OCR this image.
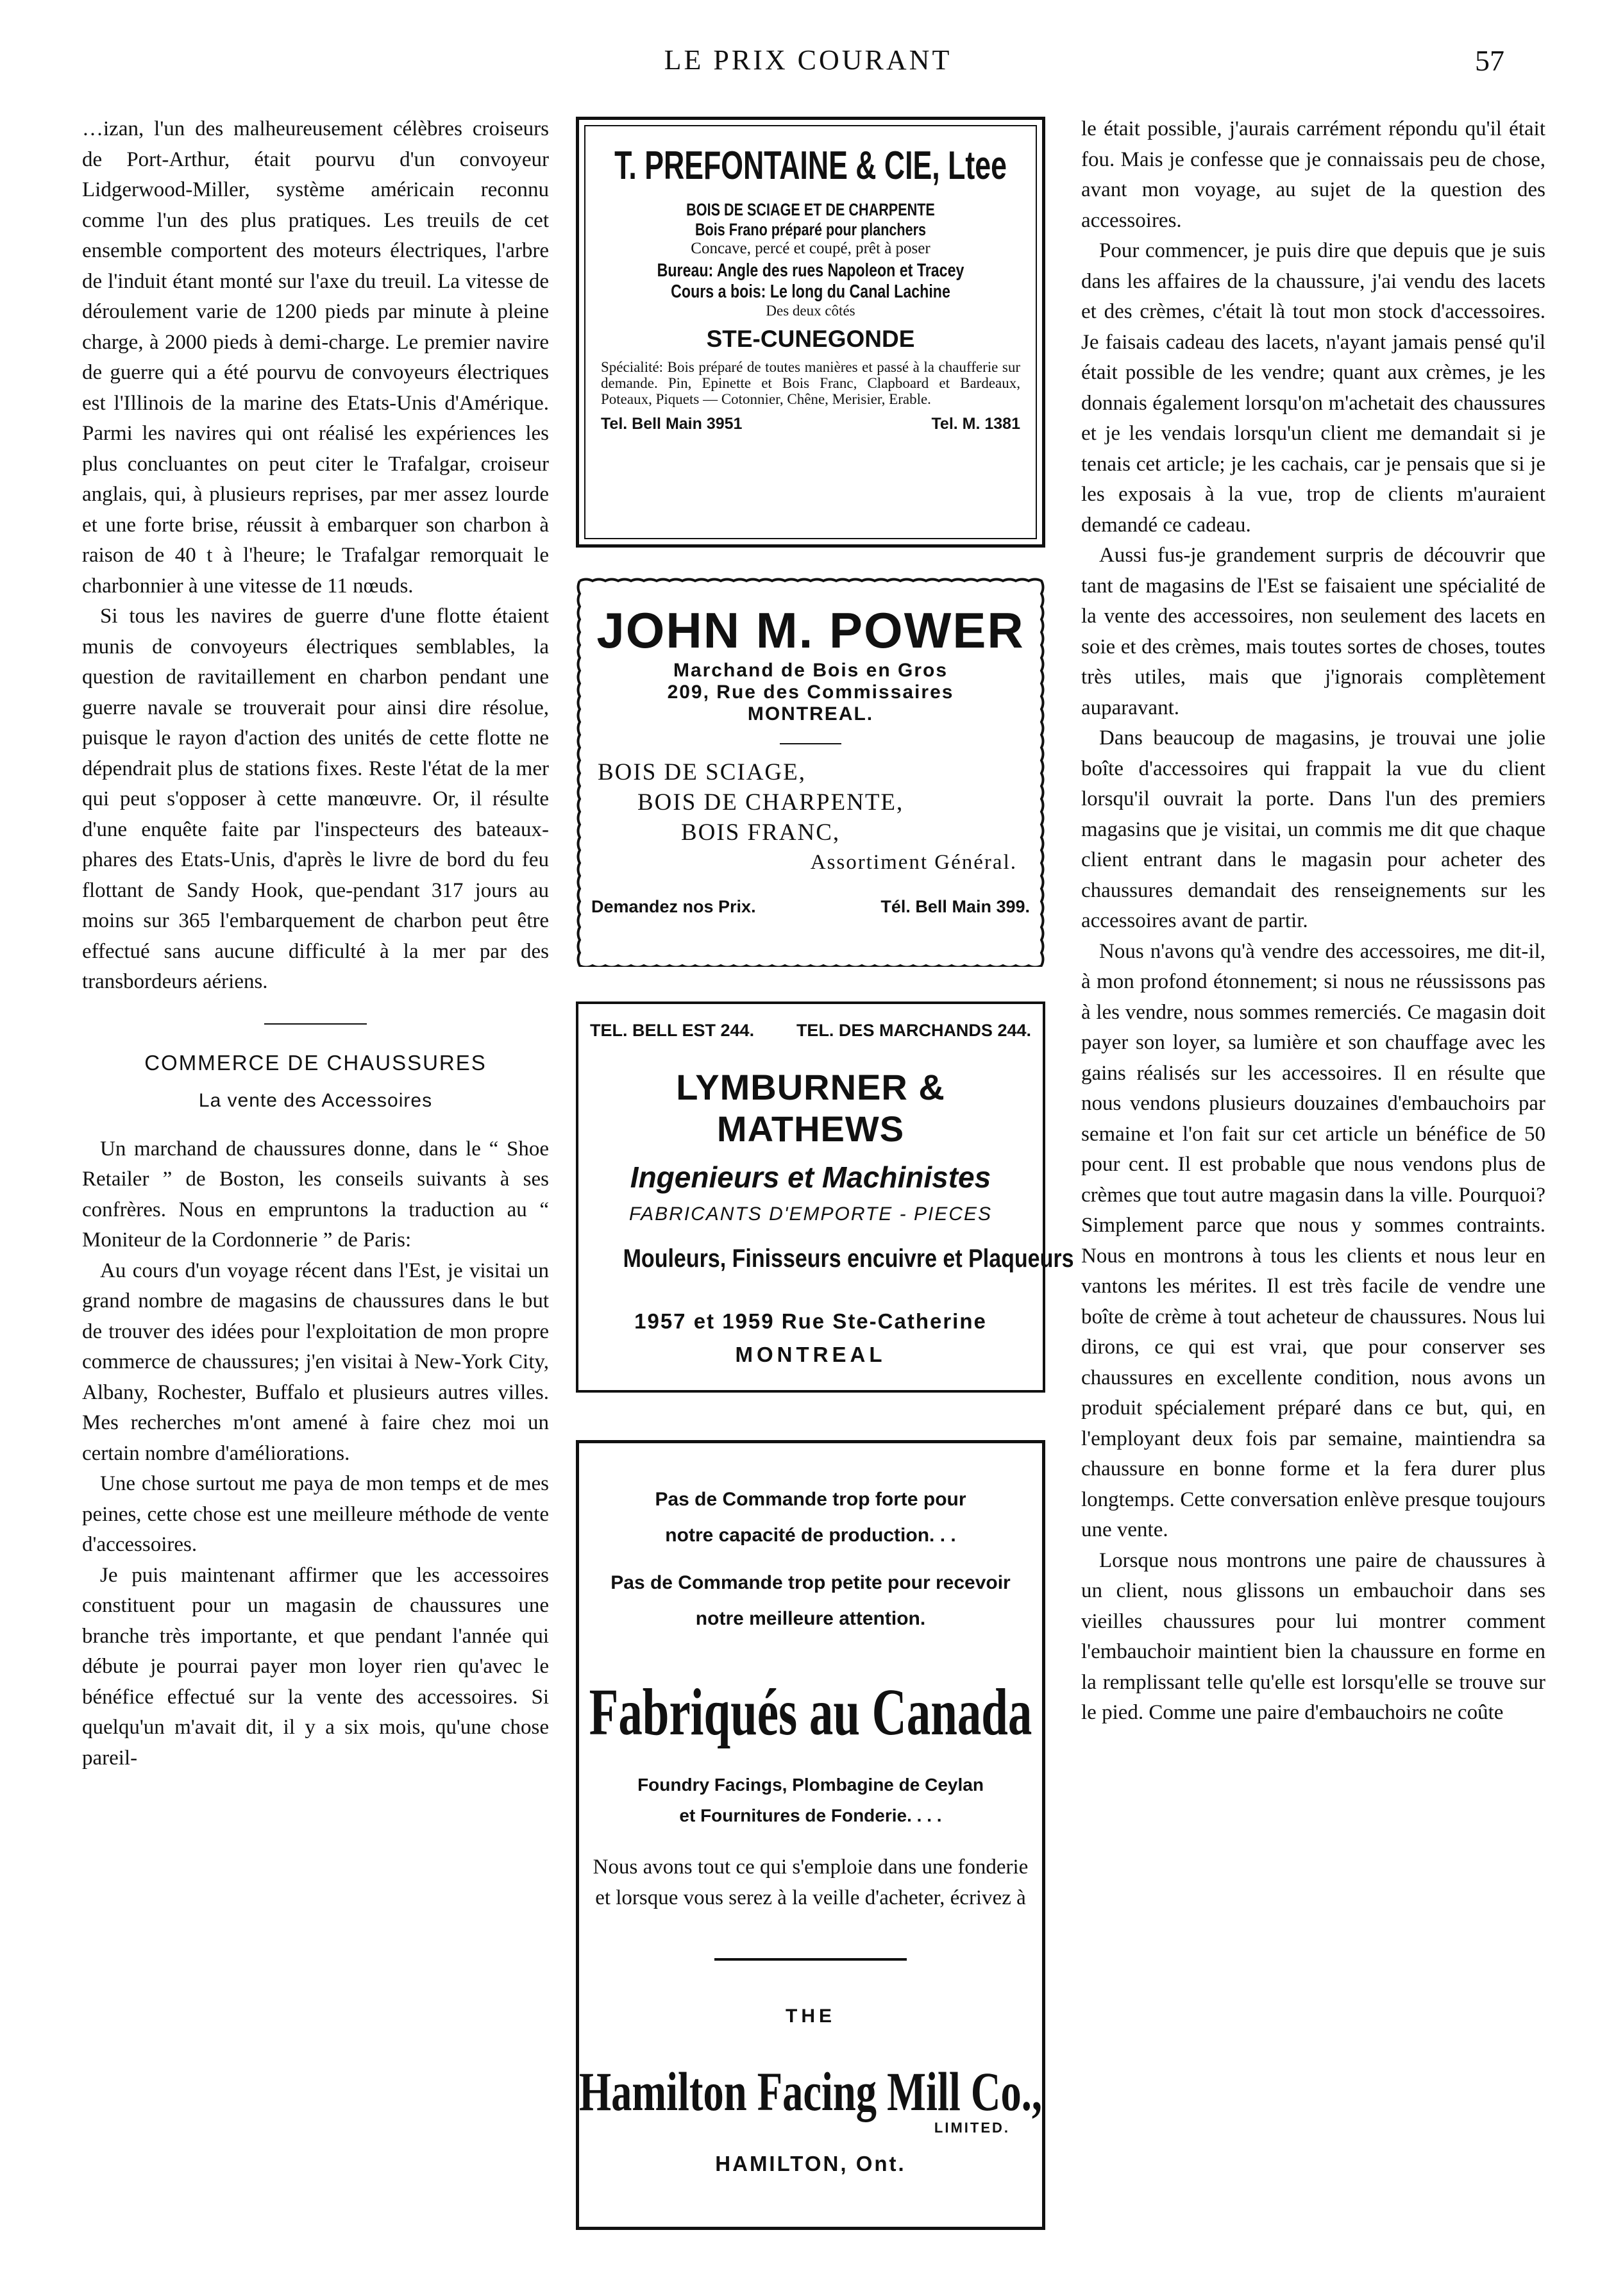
LE PRIX COURANT	57

…izan, l'un des malheureusement célèbres croiseurs de Port-Arthur, était pourvu d'un convoyeur Lidgerwood-Miller, système américain reconnu comme l'un des plus pratiques. Les treuils de cet ensemble comportent des moteurs électriques, l'arbre de l'induit étant monté sur l'axe du treuil. La vitesse de déroulement varie de 1200 pieds par minute à pleine charge, à 2000 pieds à demi-charge. Le premier navire de guerre qui a été pourvu de convoyeurs électriques est l'Illinois de la marine des Etats-Unis d'Amérique. Parmi les navires qui ont réalisé les expériences les plus concluantes on peut citer le Trafalgar, croiseur anglais, qui, à plusieurs reprises, par mer assez lourde et une forte brise, réussit à embarquer son charbon à raison de 40 t à l'heure; le Trafalgar remorquait le charbonnier à une vitesse de 11 nœuds.

Si tous les navires de guerre d'une flotte étaient munis de convoyeurs électriques semblables, la question de ravitaillement en charbon pendant une guerre navale se trouverait pour ainsi dire résolue, puisque le rayon d'action des unités de cette flotte ne dépendrait plus de stations fixes. Reste l'état de la mer qui peut s'opposer à cette manœuvre. Or, il résulte d'une enquête faite par l'inspecteurs des bateaux-phares des Etats-Unis, d'après le livre de bord du feu flottant de Sandy Hook, que-pendant 317 jours au moins sur 365 l'embarquement de charbon peut être effectué sans aucune difficulté à la mer par des transbordeurs aériens.

COMMERCE DE CHAUSSURES
La vente des Accessoires

Un marchand de chaussures donne, dans le “ Shoe Retailer ” de Boston, les conseils suivants à ses confrères. Nous en empruntons la traduction au “ Moniteur de la Cordonnerie ” de Paris:

Au cours d'un voyage récent dans l'Est, je visitai un grand nombre de magasins de chaussures dans le but de trouver des idées pour l'exploitation de mon propre commerce de chaussures; j'en visitai à New-York City, Albany, Rochester, Buffalo et plusieurs autres villes. Mes recherches m'ont amené à faire chez moi un certain nombre d'améliorations.

Une chose surtout me paya de mon temps et de mes peines, cette chose est une meilleure méthode de vente d'accessoires.

Je puis maintenant affirmer que les accessoires constituent pour un magasin de chaussures une branche très importante, et que pendant l'année qui débute je pourrai payer mon loyer rien qu'avec le bénéfice effectué sur la vente des accessoires. Si quelqu'un m'avait dit, il y a six mois, qu'une chose pareil-

le était possible, j'aurais carrément répondu qu'il était fou. Mais je confesse que je connaissais peu de chose, avant mon voyage, au sujet de la question des accessoires.

Pour commencer, je puis dire que depuis que je suis dans les affaires de la chaussure, j'ai vendu des lacets et des crèmes, c'était là tout mon stock d'accessoires. Je faisais cadeau des lacets, n'ayant jamais pensé qu'il était possible de les vendre; quant aux crèmes, je les donnais également lorsqu'on m'achetait des chaussures et je les vendais lorsqu'un client me demandait si je tenais cet article; je les cachais, car je pensais que si je les exposais à la vue, trop de clients m'auraient demandé ce cadeau.

Aussi fus-je grandement surpris de découvrir que tant de magasins de l'Est se faisaient une spécialité de la vente des accessoires, non seulement des lacets en soie et des crèmes, mais toutes sortes de choses, toutes très utiles, mais que j'ignorais complètement auparavant.

Dans beaucoup de magasins, je trouvai une jolie boîte d'accessoires qui frappait la vue du client lorsqu'il ouvrait la porte. Dans l'un des premiers magasins que je visitai, un commis me dit que chaque client entrant dans le magasin pour acheter des chaussures demandait des renseignements sur les accessoires avant de partir.

Nous n'avons qu'à vendre des accessoires, me dit-il, à mon profond étonnement; si nous ne réussissons pas à les vendre, nous sommes remerciés. Ce magasin doit payer son loyer, sa lumière et son chauffage avec les gains réalisés sur les accessoires. Il en résulte que nous vendons plusieurs douzaines d'embauchoirs par semaine et l'on fait sur cet article un bénéfice de 50 pour cent. Il est probable que nous vendons plus de crèmes que tout autre magasin dans la ville. Pourquoi? Simplement parce que nous y sommes contraints. Nous en montrons à tous les clients et nous leur en vantons les mérites. Il est très facile de vendre une boîte de crème à tout acheteur de chaussures. Nous lui dirons, ce qui est vrai, que pour conserver ses chaussures en excellente condition, nous avons un produit spécialement préparé dans ce but, qui, en l'employant deux fois par semaine, maintiendra sa chaussure en bonne forme et la fera durer plus longtemps. Cette conversation enlève presque toujours une vente.

Lorsque nous montrons une paire de chaussures à un client, nous glissons un embauchoir dans ses vieilles chaussures pour lui montrer comment l'embauchoir maintient bien la chaussure en forme en la remplissant telle qu'elle est lorsqu'elle se trouve sur le pied. Comme une paire d'embauchoirs ne coûte

T. PREFONTAINE & CIE, Ltee
BOIS DE SCIAGE ET DE CHARPENTE
Bois Frano préparé pour planchers
Concave, percé et coupé, prêt à poser
Bureau: Angle des rues Napoleon et Tracey
Cours a bois: Le long du Canal Lachine
Des deux côtés
STE-CUNEGONDE
Spécialité: Bois préparé de toutes manières et passé à la chaufferie sur demande. Pin, Epinette et Bois Franc, Clapboard et Bardeaux, Poteaux, Piquets — Cotonnier, Chêne, Merisier, Erable.
Tel. Bell Main 3951	Tel. M. 1381
JOHN M. POWER
Marchand de Bois en Gros
209, Rue des Commissaires
MONTREAL.
BOIS DE SCIAGE,
BOIS DE CHARPENTE,
BOIS FRANC,
Assortiment Général.
Demandez nos Prix.	Tél. Bell Main 399.
TEL. BELL EST 244. TEL. DES MARCHANDS 244.
LYMBURNER & MATHEWS
Ingenieurs et Machinistes
FABRICANTS D'EMPORTE - PIECES
Mouleurs, Finisseurs encuivre et Plaqueurs
1957 et 1959 Rue Ste-Catherine
MONTREAL
Pas de Commande trop forte pour
notre capacité de production. . .
Pas de Commande trop petite pour recevoir
notre meilleure attention.
Fabriqués au Canada
Foundry Facings, Plombagine de Ceylan
et Fournitures de Fonderie. . . .
Nous avons tout ce qui s'emploie dans une fonderie et lorsque vous serez à la veille d'acheter, écrivez à
THE
Hamilton Facing Mill Co.,
LIMITED.
HAMILTON, Ont.
